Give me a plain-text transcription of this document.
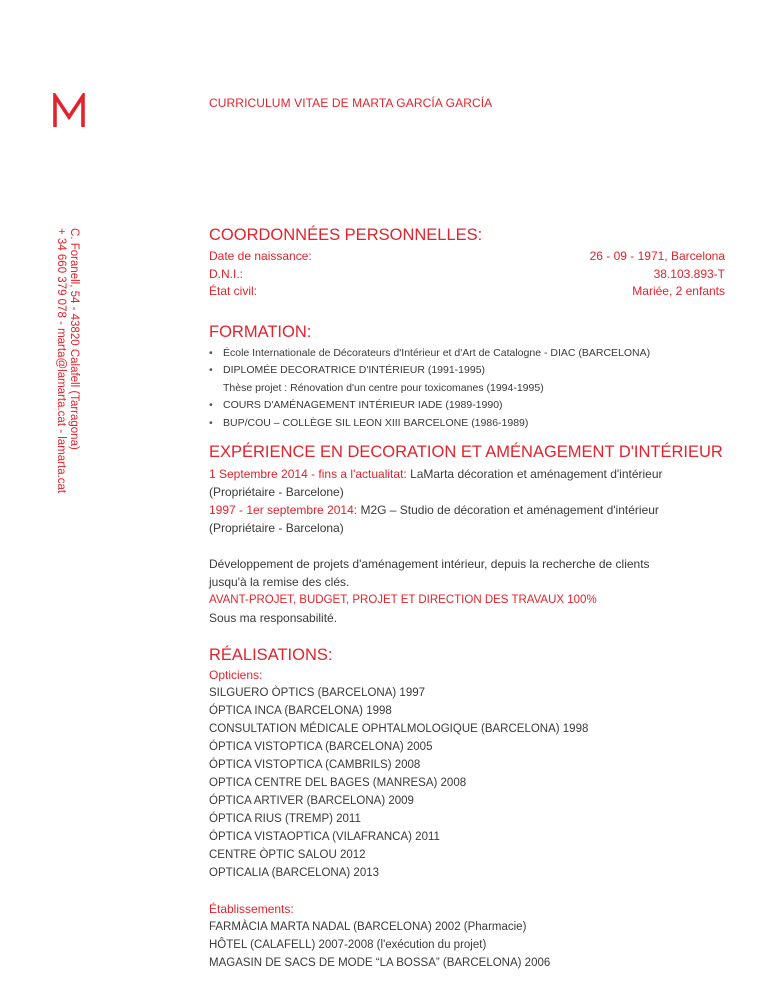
C. Foranell, 54 - 43820 Calafell (Tarragona)
+ 34 660 379 078 - marta@lamarta.cat - lamarta.cat
CURRICULUM VITAE DE MARTA GARCÍA GARCÍA
COORDONNÉES PERSONNELLES:
Date de naissance:	26 - 09 - 1971, Barcelona
D.N.I.:	38.103.893-T
État civil:	Mariée, 2 enfants
FORMATION:
• École Internationale de Décorateurs d'Intérieur et d'Art de Catalogne - DIAC (BARCELONA)
• DIPLOMÉE DECORATRICE D'INTÉRIEUR (1991-1995)
Thèse projet : Rénovation d'un centre pour toxicomanes (1994-1995)
• COURS D'AMÉNAGEMENT INTÉRIEUR IADE (1989-1990)
• BUP/COU – COLLÈGE SIL LEON XIII BARCELONE (1986-1989)
EXPÉRIENCE EN DECORATION ET AMÉNAGEMENT D'INTÉRIEUR
1 Septembre 2014 - fins a l'actualitat: LaMarta décoration et aménagement d'intérieur
(Propriétaire - Barcelone)
1997 - 1er septembre 2014: M2G – Studio de décoration et aménagement d'intérieur
(Propriétaire - Barcelona)
Développement de projets d'aménagement intérieur, depuis la recherche de clients
jusqu'à la remise des clés.
AVANT-PROJET, BUDGET, PROJET ET DIRECTION DES TRAVAUX 100%
Sous ma responsabilité.
RÉALISATIONS:
Opticiens:
SILGUERO ÒPTICS (BARCELONA) 1997
ÓPTICA INCA (BARCELONA) 1998
CONSULTATION MÉDICALE OPHTALMOLOGIQUE (BARCELONA) 1998
ÓPTICA VISTOPTICA (BARCELONA) 2005
ÓPTICA VISTOPTICA (CAMBRILS) 2008
OPTICA CENTRE DEL BAGES (MANRESA) 2008
ÓPTICA ARTIVER (BARCELONA) 2009
ÓPTICA RIUS (TREMP) 2011
ÓPTICA VISTAOPTICA (VILAFRANCA) 2011
CENTRE ÒPTIC SALOU 2012
OPTICALIA (BARCELONA) 2013
Établissements:
FARMÀCIA MARTA NADAL (BARCELONA) 2002 (Pharmacie)
HÔTEL (CALAFELL) 2007-2008 (l'exécution du projet)
MAGASIN DE SACS DE MODE “LA BOSSA” (BARCELONA) 2006
